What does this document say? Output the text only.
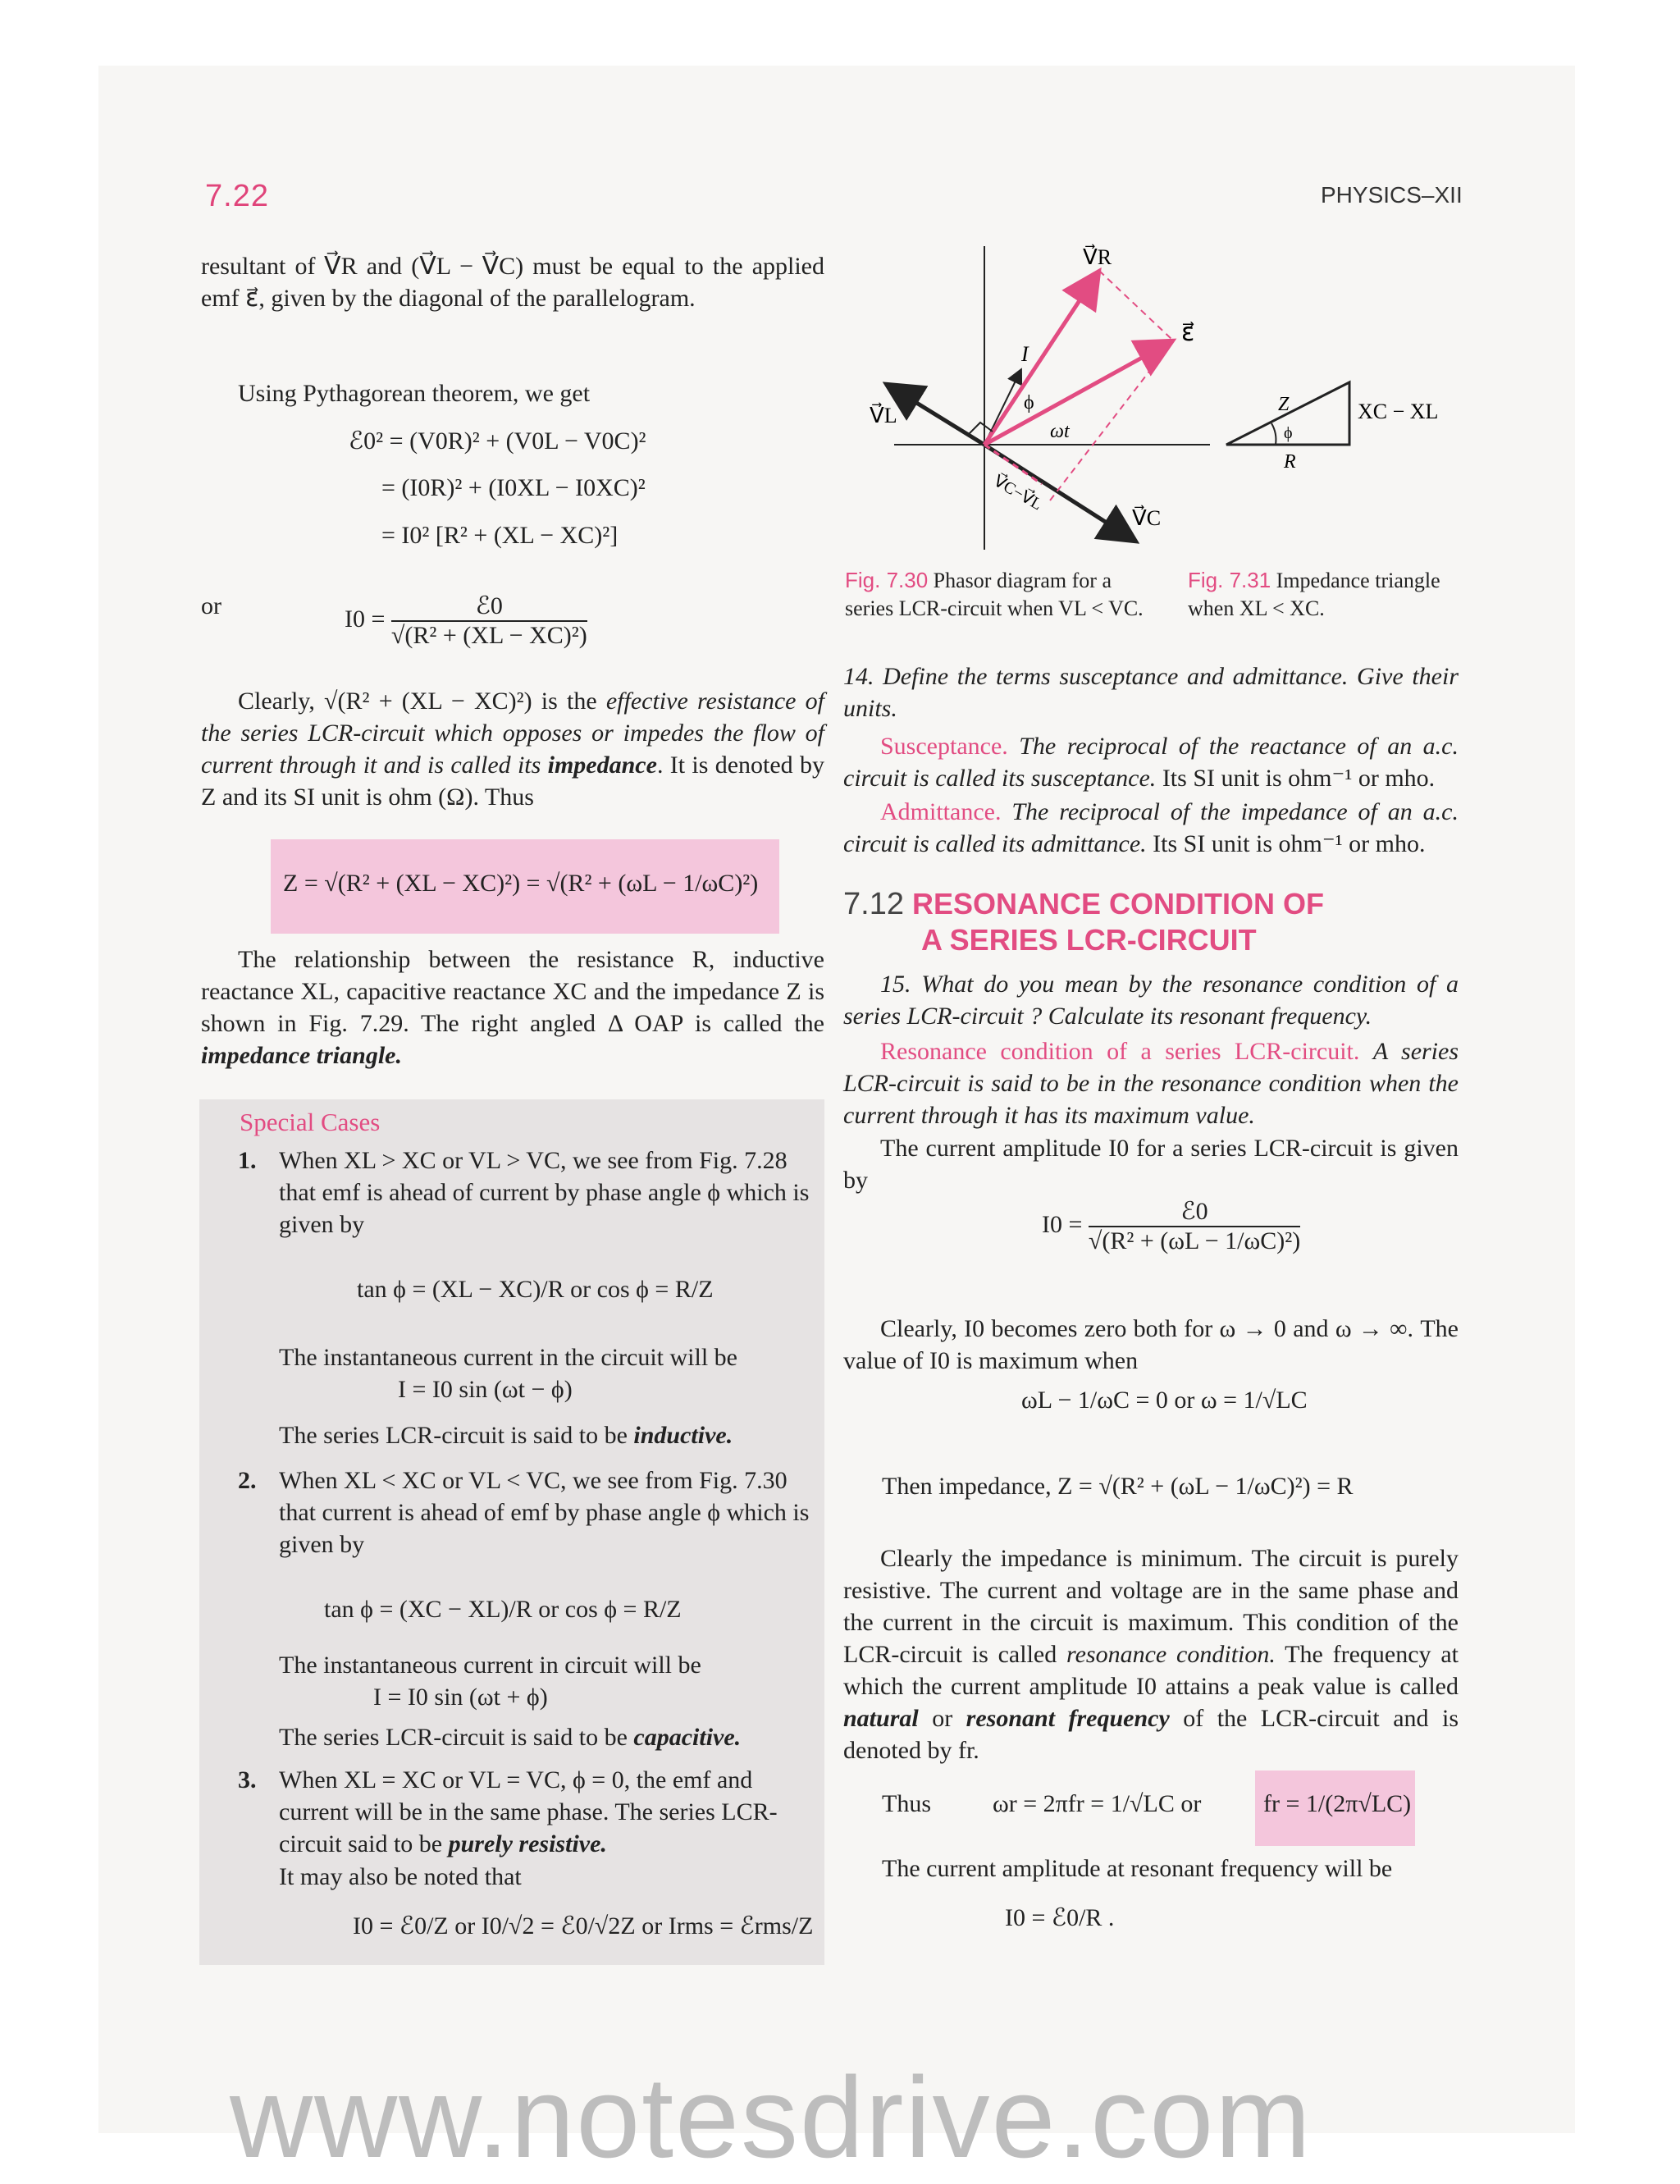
7.22	PHYSICS–XII

resultant of V⃗R and (V⃗L − V⃗C) must be equal to the applied emf ε⃗, given by the diagonal of the parallelogram.

Using Pythagorean theorem, we get
ℰ0² = (V0R)² + (V0L − V0C)²
= (I0R)² + (I0XL − I0XC)²
= I0² [R² + (XL − XC)²]
or	$I0 = \frac{\text{ℰ0}}{\text{√(R² + (XL − XC)²)}}$

Clearly, √(R² + (XL − XC)²) is the effective resistance of the series LCR-circuit which opposes or impedes the flow of current through it and is called its impedance. It is denoted by Z and its SI unit is ohm (Ω). Thus

Z = √(R² + (XL − XC)²) = √(R² + (ωL − 1/ωC)²)

The relationship between the resistance R, inductive reactance XL, capacitive reactance XC and the impedance Z is shown in Fig. 7.29. The right angled Δ OAP is called the impedance triangle.

Special Cases
1. When XL > XC or VL > VC, we see from Fig. 7.28 that emf is ahead of current by phase angle ϕ which is given by
tan ϕ = (XL − XC)/R or cos ϕ = R/Z
The instantaneous current in the circuit will be
I = I0 sin (ωt − ϕ)
The series LCR-circuit is said to be inductive.
2. When XL < XC or VL < VC, we see from Fig. 7.30 that current is ahead of emf by phase angle ϕ which is given by
tan ϕ = (XC − XL)/R or cos ϕ = R/Z
The instantaneous current in circuit will be
I = I0 sin (ωt + ϕ)
The series LCR-circuit is said to be capacitive.
3. When XL = XC or VL = VC, ϕ = 0, the emf and current will be in the same phase. The series LCR-circuit said to be purely resistive.
It may also be noted that
I0 = ℰ0/Z or I0/√2 = ℰ0/√2Z or Irms = ℰrms/Z
V⃗R
ε⃗
I⃗
ϕ
V⃗L
ωt
V⃗C−V⃗L
V⃗C
Z	XC − XL
ϕ
R
Fig. 7.30 Phasor diagram for a series LCR-circuit when VL < VC.
Fig. 7.31 Impedance triangle when XL < XC.
14. Define the terms susceptance and admittance. Give their units.

Susceptance. The reciprocal of the reactance of an a.c. circuit is called its susceptance. Its SI unit is ohm⁻¹ or mho.

Admittance. The reciprocal of the impedance of an a.c. circuit is called its admittance. Its SI unit is ohm⁻¹ or mho.

7.12 RESONANCE CONDITION OF
A SERIES LCR-CIRCUIT

15. What do you mean by the resonance condition of a series LCR-circuit ? Calculate its resonant frequency.

Resonance condition of a series LCR-circuit. A series LCR-circuit is said to be in the resonance condition when the current through it has its maximum value.

The current amplitude I0 for a series LCR-circuit is given by

$I0 = \frac{\text{ℰ0}}{\text{√(R² + (ωL − 1/ωC)²)}}$

Clearly, I0 becomes zero both for ω → 0 and ω → ∞. The value of I0 is maximum when

ωL − 1/ωC = 0 or ω = 1/√LC
Then impedance, Z = √(R² + (ωL − 1/ωC)²) = R

Clearly the impedance is minimum. The circuit is purely resistive. The current and voltage are in the same phase and the current in the circuit is maximum. This condition of the LCR-circuit is called resonance condition. The frequency at which the current amplitude I0 attains a peak value is called natural or resonant frequency of the LCR-circuit and is denoted by fr.

Thus	ωr = 2πfr = 1/√LC or	fr = 1/(2π√LC)
The current amplitude at resonant frequency will be
I0 = ℰ0/R .
www.notesdrive.com
